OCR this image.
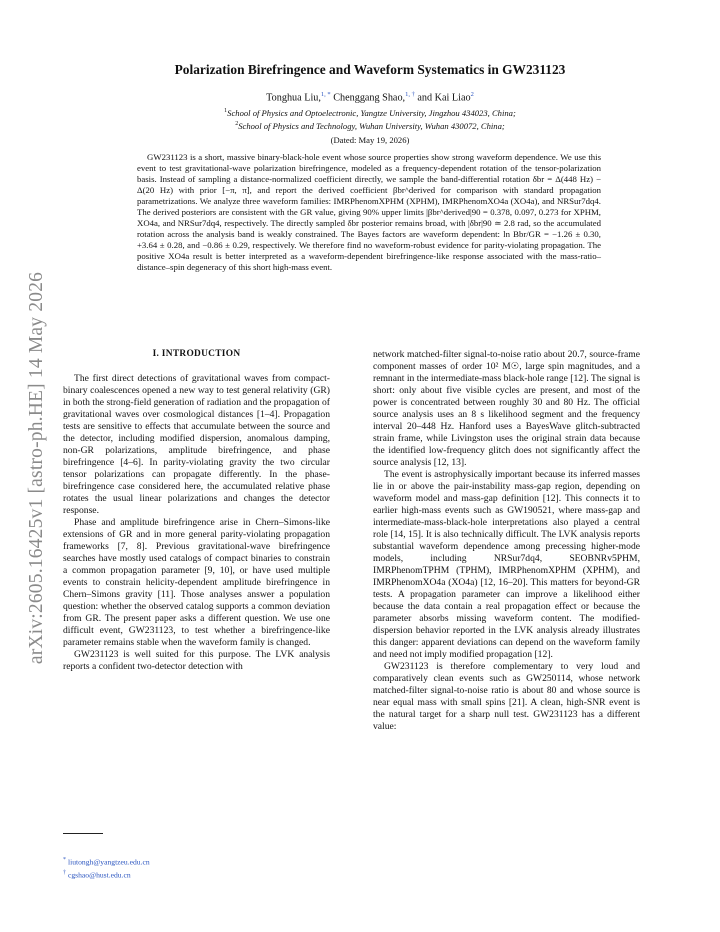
arXiv:2605.16425v1 [astro-ph.HE] 14 May 2026
Polarization Birefringence and Waveform Systematics in GW231123
Tonghua Liu,$^{1, *}$ Chenggang Shao,$^{1, \dagger}$ and Kai Liao$^2$
$^1$School of Physics and Optoelectronic, Yangtze University, Jingzhou 434023, China;
$^2$School of Physics and Technology, Wuhan University, Wuhan 430072, China;
(Dated: May 19, 2026)

GW231123 is a short, massive binary-black-hole event whose source properties show strong waveform dependence. We use this event to test gravitational-wave polarization birefringence, modeled as a frequency-dependent rotation of the tensor-polarization basis. Instead of sampling a distance-normalized coefficient directly, we sample the band-differential rotation δbr = Δ(448 Hz) − Δ(20 Hz) with prior [−π, π], and report the derived coefficient βbr^derived for comparison with standard propagation parametrizations. We analyze three waveform families: IMRPhenomXPHM (XPHM), IMRPhenomXO4a (XO4a), and NRSur7dq4. The derived posteriors are consistent with the GR value, giving 90% upper limits |βbr^derived|90 = 0.378, 0.097, 0.273 for XPHM, XO4a, and NRSur7dq4, respectively. The directly sampled δbr posterior remains broad, with |δbr|90 ≃ 2.8 rad, so the accumulated rotation across the analysis band is weakly constrained. The Bayes factors are waveform dependent: ln Bbr/GR = −1.26 ± 0.30, +3.64 ± 0.28, and −0.86 ± 0.29, respectively. We therefore find no waveform-robust evidence for parity-violating propagation. The positive XO4a result is better interpreted as a waveform-dependent birefringence-like response associated with the mass-ratio–distance–spin degeneracy of this short high-mass event.

I. INTRODUCTION

The first direct detections of gravitational waves from compact-binary coalescences opened a new way to test general relativity (GR) in both the strong-field generation of radiation and the propagation of gravitational waves over cosmological distances [1–4]. Propagation tests are sensitive to effects that accumulate between the source and the detector, including modified dispersion, anomalous damping, non-GR polarizations, amplitude birefringence, and phase birefringence [4–6]. In parity-violating gravity the two circular tensor polarizations can propagate differently. In the phase-birefringence case considered here, the accumulated relative phase rotates the usual linear polarizations and changes the detector response.

Phase and amplitude birefringence arise in Chern–Simons-like extensions of GR and in more general parity-violating propagation frameworks [7, 8]. Previous gravitational-wave birefringence searches have mostly used catalogs of compact binaries to constrain a common propagation parameter [9, 10], or have used multiple events to constrain helicity-dependent amplitude birefringence in Chern–Simons gravity [11]. Those analyses answer a population question: whether the observed catalog supports a common deviation from GR. The present paper asks a different question. We use one difficult event, GW231123, to test whether a birefringence-like parameter remains stable when the waveform family is changed.

GW231123 is well suited for this purpose. The LVK analysis reports a confident two-detector detection with

network matched-filter signal-to-noise ratio about 20.7, source-frame component masses of order 10² M☉, large spin magnitudes, and a remnant in the intermediate-mass black-hole range [12]. The signal is short: only about five visible cycles are present, and most of the power is concentrated between roughly 30 and 80 Hz. The official source analysis uses an 8 s likelihood segment and the frequency interval 20–448 Hz. Hanford uses a BayesWave glitch-subtracted strain frame, while Livingston uses the original strain data because the identified low-frequency glitch does not significantly affect the source analysis [12, 13].

The event is astrophysically important because its inferred masses lie in or above the pair-instability mass-gap region, depending on waveform model and mass-gap definition [12]. This connects it to earlier high-mass events such as GW190521, where mass-gap and intermediate-mass-black-hole interpretations also played a central role [14, 15]. It is also technically difficult. The LVK analysis reports substantial waveform dependence among precessing higher-mode models, including NRSur7dq4, SEOBNRv5PHM, IMRPhenomTPHM (TPHM), IMRPhenomXPHM (XPHM), and IMRPhenomXO4a (XO4a) [12, 16–20]. This matters for beyond-GR tests. A propagation parameter can improve a likelihood either because the data contain a real propagation effect or because the parameter absorbs missing waveform content. The modified-dispersion behavior reported in the LVK analysis already illustrates this danger: apparent deviations can depend on the waveform family and need not imply modified propagation [12].

GW231123 is therefore complementary to very loud and comparatively clean events such as GW250114, whose network matched-filter signal-to-noise ratio is about 80 and whose source is near equal mass with small spins [21]. A clean, high-SNR event is the natural target for a sharp null test. GW231123 has a different value:

* liutongh@yangtzeu.edu.cn
† cgshao@hust.edu.cn
